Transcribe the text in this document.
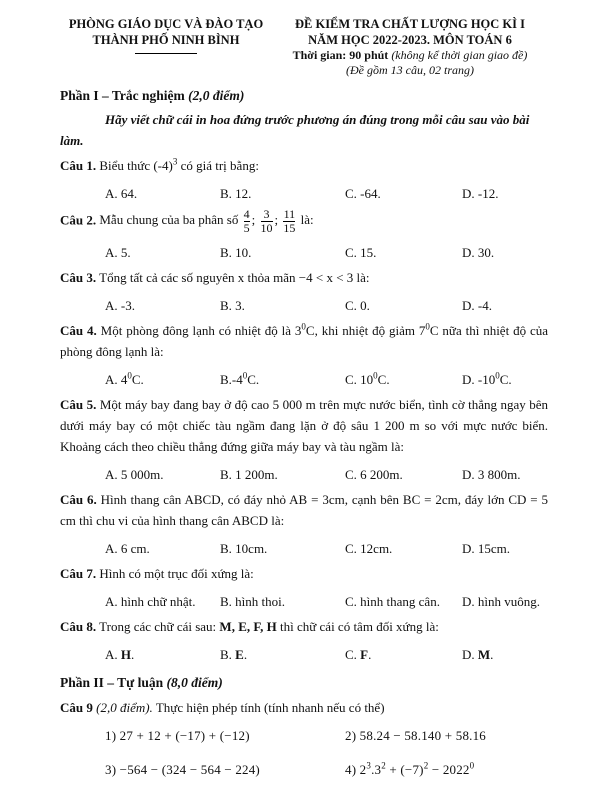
PHÒNG GIÁO DỤC VÀ ĐÀO TẠO
THÀNH PHỐ NINH BÌNH
ĐỀ KIỂM TRA CHẤT LƯỢNG HỌC KÌ I
NĂM HỌC 2022-2023. MÔN TOÁN 6
Thời gian: 90 phút (không kể thời gian giao đề)
(Đề gồm 13 câu, 02 trang)

Phần I – Trắc nghiệm (2,0 điểm)

Hãy viết chữ cái in hoa đứng trước phương án đúng trong mỗi câu sau vào bài làm.

Câu 1. Biểu thức $(-4)^3$ có giá trị bằng:

A. 64.	B. 12.	C. -64.	D. -12.

Câu 2. Mẫu chung của ba phân số $\frac{4}{5}$ ; $\frac{3}{10}$ ; $\frac{11}{15}$ là:

A. 5.	B. 10.	C. 15.	D. 30.

Câu 3. Tổng tất cả các số nguyên x thỏa mãn −4 < x < 3 là:

A. -3.	B. 3.	C. 0.	D. -4.

Câu 4. Một phòng đông lạnh có nhiệt độ là $3^0C$, khi nhiệt độ giảm $7^0C$ nữa thì nhiệt độ của phòng đông lạnh là:

A. $4^0C$.	$B.-4^0C$.	C. $10^0C$.	D. $-10^0C$.

Câu 5. Một máy bay đang bay ở độ cao 5 000 m trên mực nước biển, tình cờ thẳng ngay bên dưới máy bay có một chiếc tàu ngầm đang lặn ở độ sâu 1 200 m so với mực nước biển. Khoảng cách theo chiều thẳng đứng giữa máy bay và tàu ngầm là:

A. 5 000m.	B. 1 200m.	C. 6 200m.	D. 3 800m.

Câu 6. Hình thang cân ABCD, có đáy nhỏ AB = 3cm, cạnh bên BC = 2cm, đáy lớn CD = 5 cm thì chu vi của hình thang cân ABCD là:

A. 6 cm.	B. 10cm.	C. 12cm.	D. 15cm.

Câu 7. Hình có một trục đối xứng là:

A. hình chữ nhật.	B. hình thoi.	C. hình thang cân.	D. hình vuông.

Câu 8. Trong các chữ cái sau: M, E, F, H thì chữ cái có tâm đối xứng là:

A. H.	B. E.	C. F.	D. M.

Phần II – Tự luận (8,0 điểm)

Câu 9 (2,0 điểm). Thực hiện phép tính (tính nhanh nếu có thể)

1) 27 + 12 + (−17) + (−12)	2) 58.24 − 58.140 + 58.16
3) −564 − (324 − 564 − 224)	4) $2^3.3^2 + (-7)^2 - 2022^0$
